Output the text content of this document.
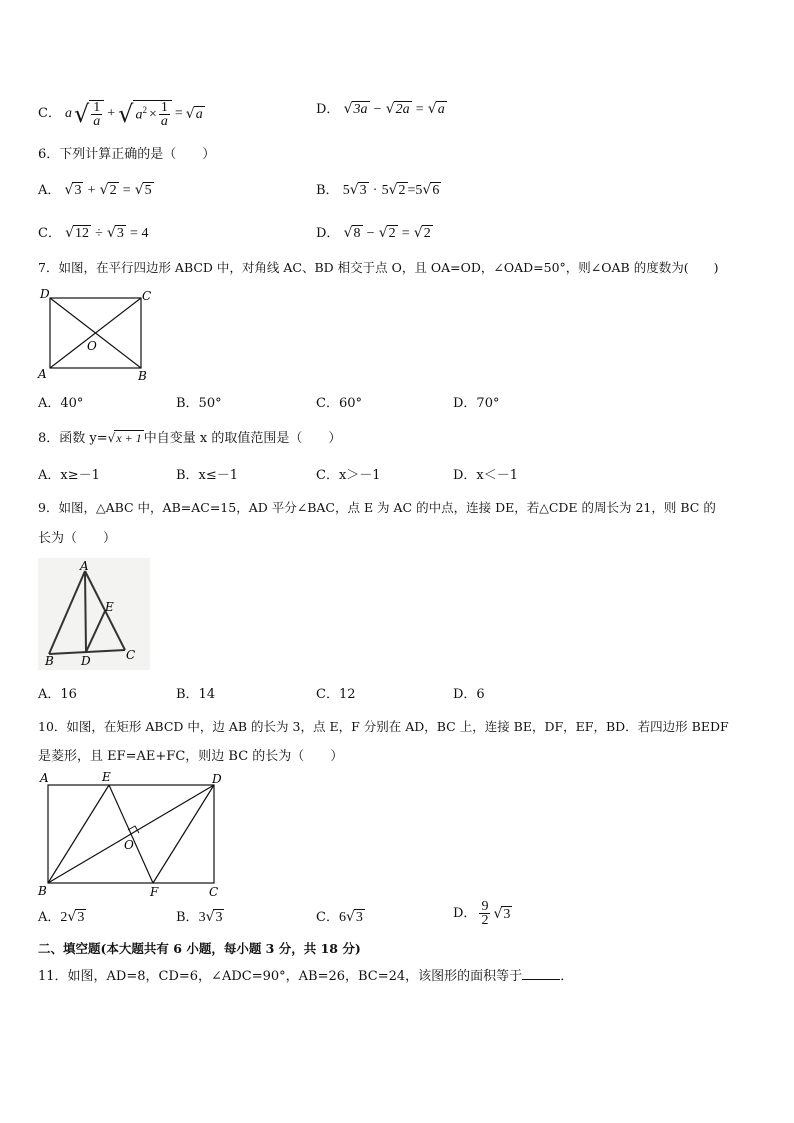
C． a √ $\frac{1}{a}$ + √ $a^2 \times \frac{1}{a}$ = √ a	D． √3a − √2a = √a
6．下列计算正确的是（　　）
A． √3 + √2 = √5	B． 5√3 · 5√2 =5√6
C． √12 ÷ √3 = 4	D． √8 − √2 = √2
7．如图，在平行四边形 ABCD 中，对角线 AC、BD 相交于点 O，且 OA=OD，∠OAD=50°，则∠OAB 的度数为(　　)
D	C
A	B
O
A．40°	B．50°	C．60°	D．70°
8．函数 y=√x + 1 中自变量 x 的取值范围是（　　）
A．x≥－1	B．x≤－1	C．x＞－1	D．x＜－1
9．如图，△ABC 中，AB=AC=15，AD 平分∠BAC，点 E 为 AC 的中点，连接 DE，若△CDE 的周长为 21，则 BC 的
长为（　　）
A
E
B D	C
A．16	B．14	C．12	D．6
10．如图，在矩形 ABCD 中，边 AB 的长为 3，点 E，F 分别在 AD，BC 上，连接 BE，DF，EF，BD．若四边形 BEDF
是菱形，且 EF=AE+FC，则边 BC 的长为（　　）
A	E	D
O
B	F	C
A．2√3	B．3√3	C．6√3	D． $\frac{9}{2}$ √ 3
二、填空题(本大题共有 6 小题，每小题 3 分，共 18 分)
11．如图，AD=8，CD=6，∠ADC=90°，AB=26，BC=24，该图形的面积等于	．
